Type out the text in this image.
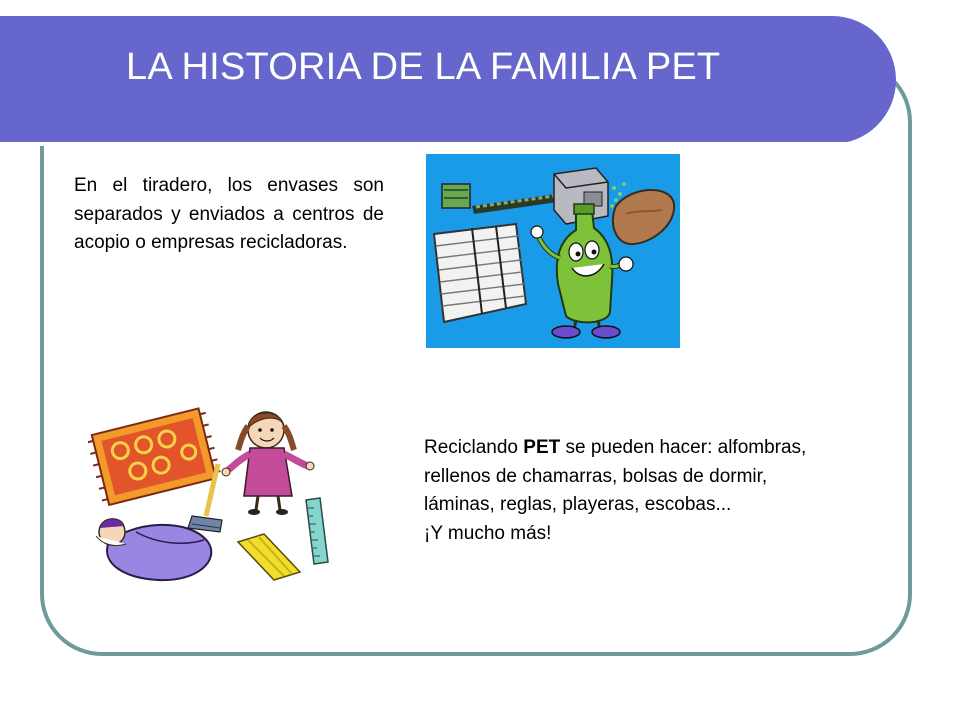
LA HISTORIA DE LA FAMILIA PET
En el tiradero, los envases son separados y enviados a centros de acopio o empresas recicladoras.

Reciclando PET se pueden hacer: alfombras, rellenos de chamarras, bolsas de dormir, láminas, reglas, playeras, escobas...

¡Y mucho más!
